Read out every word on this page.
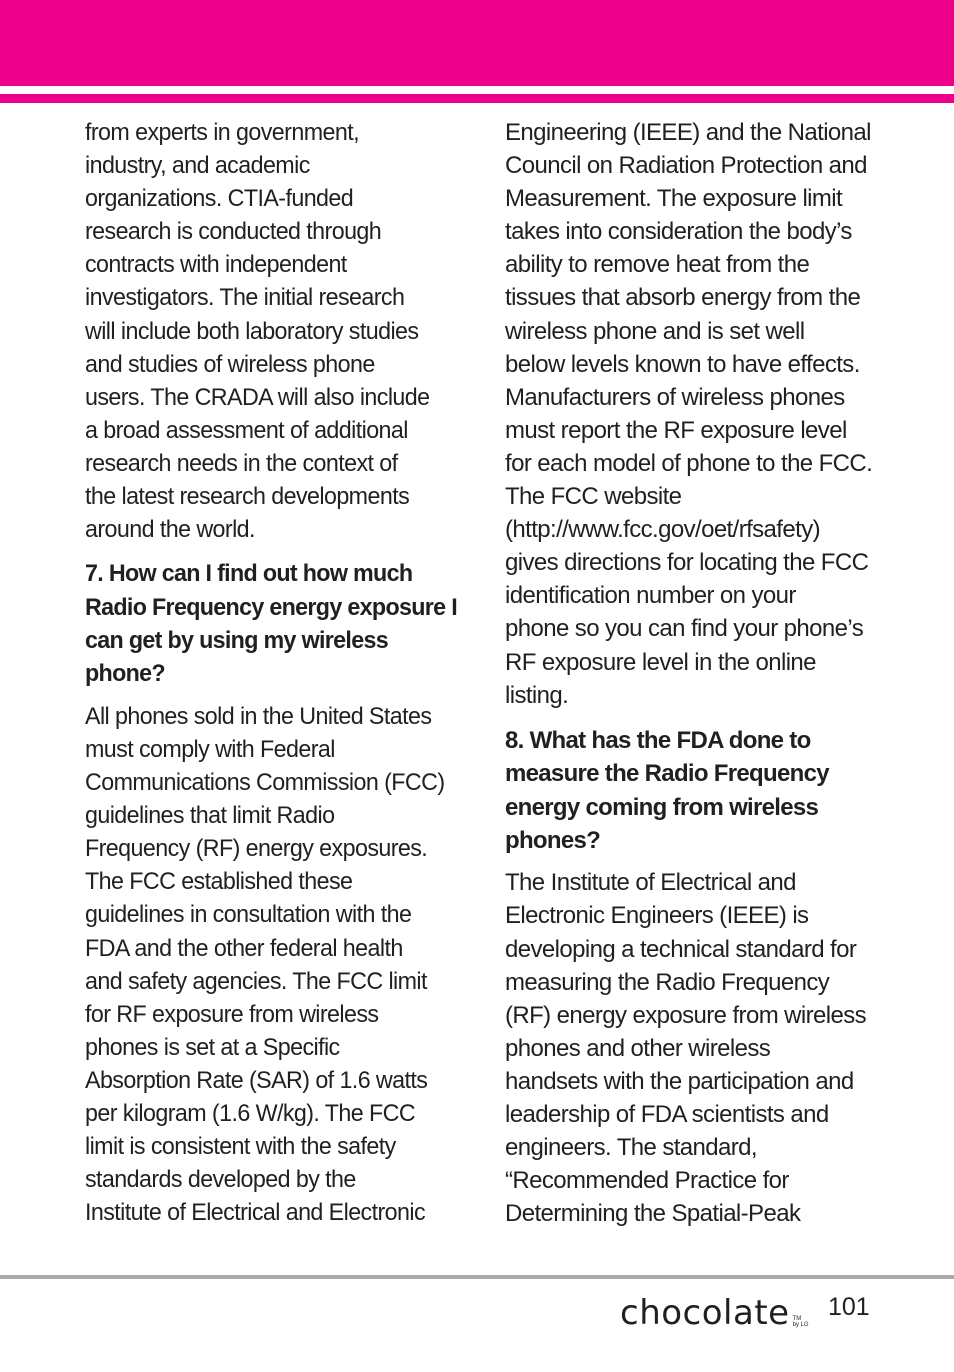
from experts in government,
industry, and academic
organizations. CTIA-funded
research is conducted through
contracts with independent
investigators. The initial research
will include both laboratory studies
and studies of wireless phone
users. The CRADA will also include
a broad assessment of additional
research needs in the context of
the latest research developments
around the world.

7. How can I find out how much
Radio Frequency energy exposure I
can get by using my wireless
phone?

All phones sold in the United States
must comply with Federal
Communications Commission (FCC)
guidelines that limit Radio
Frequency (RF) energy exposures.
The FCC established these
guidelines in consultation with the
FDA and the other federal health
and safety agencies. The FCC limit
for RF exposure from wireless
phones is set at a Specific
Absorption Rate (SAR) of 1.6 watts
per kilogram (1.6 W/kg). The FCC
limit is consistent with the safety
standards developed by the
Institute of Electrical and Electronic

Engineering (IEEE) and the National
Council on Radiation Protection and
Measurement. The exposure limit
takes into consideration the body’s
ability to remove heat from the
tissues that absorb energy from the
wireless phone and is set well
below levels known to have effects.
Manufacturers of wireless phones
must report the RF exposure level
for each model of phone to the FCC.
The FCC website
(http://www.fcc.gov/oet/rfsafety)
gives directions for locating the FCC
identification number on your
phone so you can find your phone’s
RF exposure level in the online
listing.

8. What has the FDA done to
measure the Radio Frequency
energy coming from wireless
phones?

The Institute of Electrical and
Electronic Engineers (IEEE) is
developing a technical standard for
measuring the Radio Frequency
(RF) energy exposure from wireless
phones and other wireless
handsets with the participation and
leadership of FDA scientists and
engineers. The standard,
“Recommended Practice for
Determining the Spatial-Peak

chocolate TM
by LG
101
